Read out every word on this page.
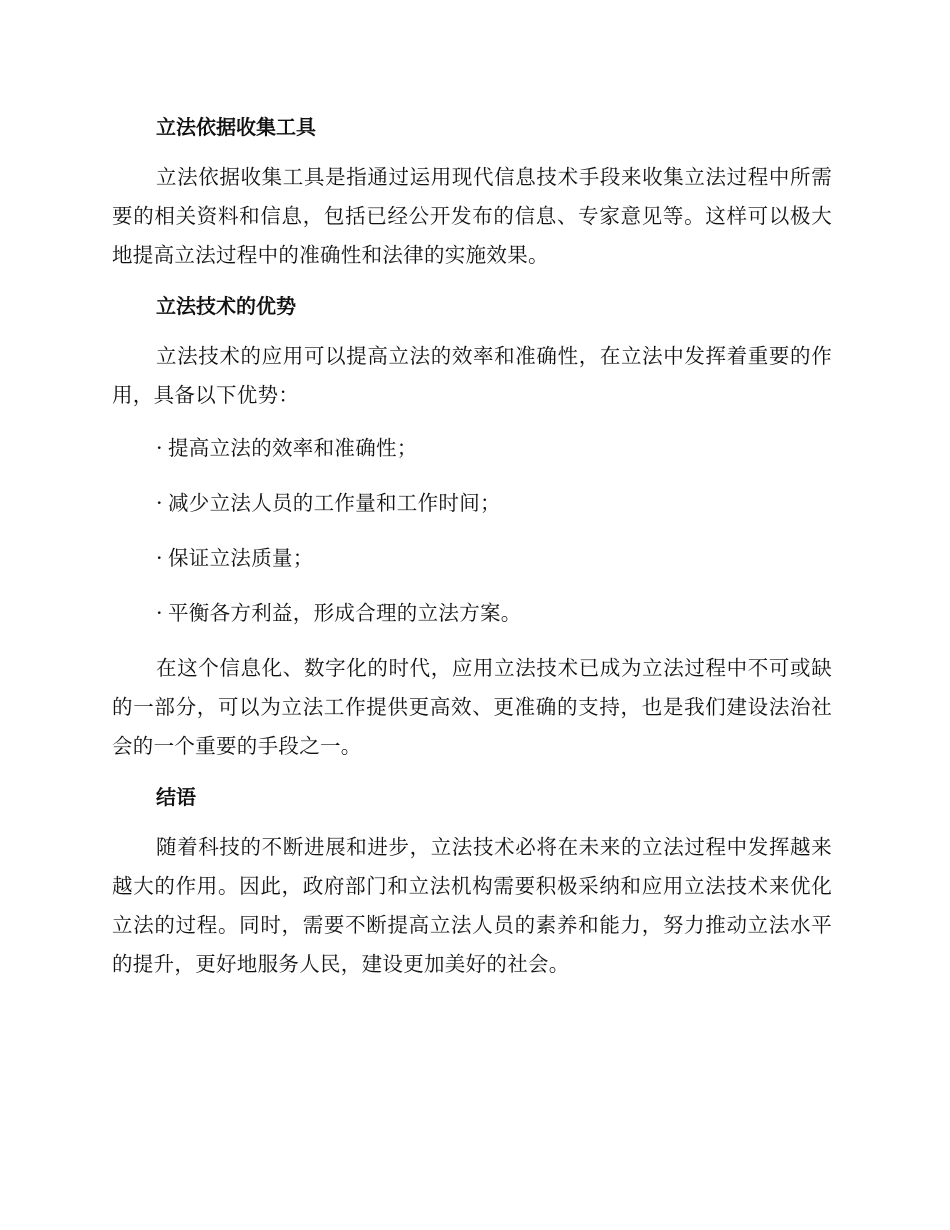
立法依据收集工具

立法依据收集工具是指通过运用现代信息技术手段来收集立法过程中所需要的相关资料和信息，包括已经公开发布的信息、专家意见等。这样可以极大地提高立法过程中的准确性和法律的实施效果。

立法技术的优势

立法技术的应用可以提高立法的效率和准确性，在立法中发挥着重要的作用，具备以下优势：

· 提高立法的效率和准确性；
· 减少立法人员的工作量和工作时间；
· 保证立法质量；
· 平衡各方利益，形成合理的立法方案。

在这个信息化、数字化的时代，应用立法技术已成为立法过程中不可或缺的一部分，可以为立法工作提供更高效、更准确的支持，也是我们建设法治社会的一个重要的手段之一。

结语

随着科技的不断进展和进步，立法技术必将在未来的立法过程中发挥越来越大的作用。因此，政府部门和立法机构需要积极采纳和应用立法技术来优化立法的过程。同时，需要不断提高立法人员的素养和能力，努力推动立法水平的提升，更好地服务人民，建设更加美好的社会。
